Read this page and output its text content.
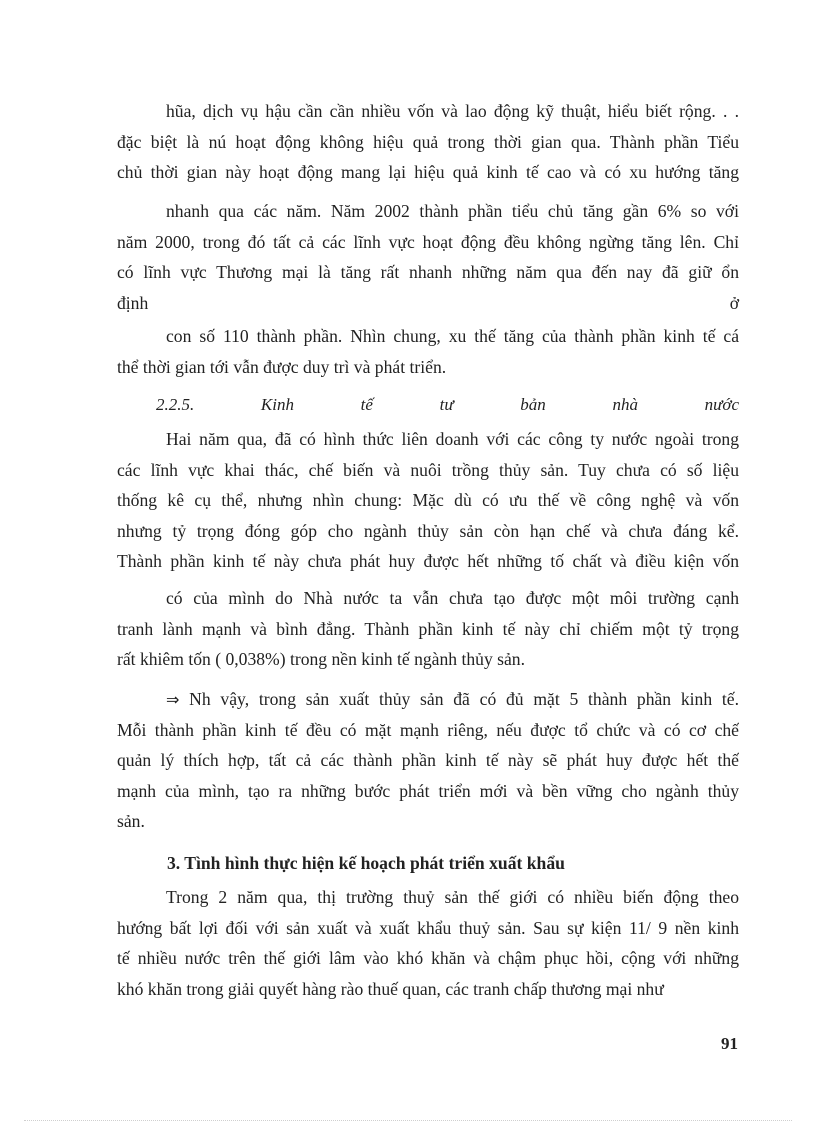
hũa, dịch vụ hậu cần cần nhiều vốn và lao động kỹ thuật, hiểu biết rộng. . .
đặc biệt là nú hoạt động không hiệu quả trong thời gian qua. Thành phần Tiểu
chủ thời gian này hoạt động mang lại hiệu quả kinh tế cao và có xu hướng tăng
nhanh qua các năm. Năm 2002 thành phần tiểu chủ tăng gần 6% so với
năm 2000, trong đó tất cả các lĩnh vực hoạt động đều không ngừng tăng lên. Chỉ
có lĩnh vực Thương mại là tăng rất nhanh những năm qua đến nay đã giữ ổn
định	ở
con số 110 thành phần. Nhìn chung, xu thế tăng của thành phần kinh tế cá
thể thời gian tới vẫn được duy trì và phát triển.
2.2.5.	Kinh	tế	tư	bản	nhà	nước
Hai năm qua, đã có hình thức liên doanh với các công ty nước ngoài trong
các lĩnh vực khai thác, chế biến và nuôi trồng thủy sản. Tuy chưa có số liệu
thống kê cụ thể, nhưng nhìn chung: Mặc dù có ưu thế về công nghệ và vốn
nhưng tỷ trọng đóng góp cho ngành thủy sản còn hạn chế và chưa đáng kể.
Thành phần kinh tế này chưa phát huy được hết những tố chất và điều kiện vốn
có của mình do Nhà nước ta vẫn chưa tạo được một môi trường cạnh
tranh lành mạnh và bình đẳng. Thành phần kinh tế này chỉ chiếm một tỷ trọng
rất khiêm tốn ( 0,038%) trong nền kinh tế ngành thủy sản.
⇒ Nh vậy, trong sản xuất thủy sản đã có đủ mặt 5 thành phần kinh tế.
Mỗi thành phần kinh tế đều có mặt mạnh riêng, nếu được tổ chức và có cơ chế
quản lý thích hợp, tất cả các thành phần kinh tế này sẽ phát huy được hết thế
mạnh của mình, tạo ra những bước phát triển mới và bền vững cho ngành thủy
sản.
3. Tình hình thực hiện kế hoạch phát triển xuất khẩu
Trong 2 năm qua, thị trường thuỷ sản thế giới có nhiều biến động theo
hướng bất lợi đối với sản xuất và xuất khẩu thuỷ sản. Sau sự kiện 11/ 9 nền kinh
tế nhiều nước trên thế giới lâm vào khó khăn và chậm phục hồi, cộng với những
khó khăn trong giải quyết hàng rào thuế quan, các tranh chấp thương mại như
91
